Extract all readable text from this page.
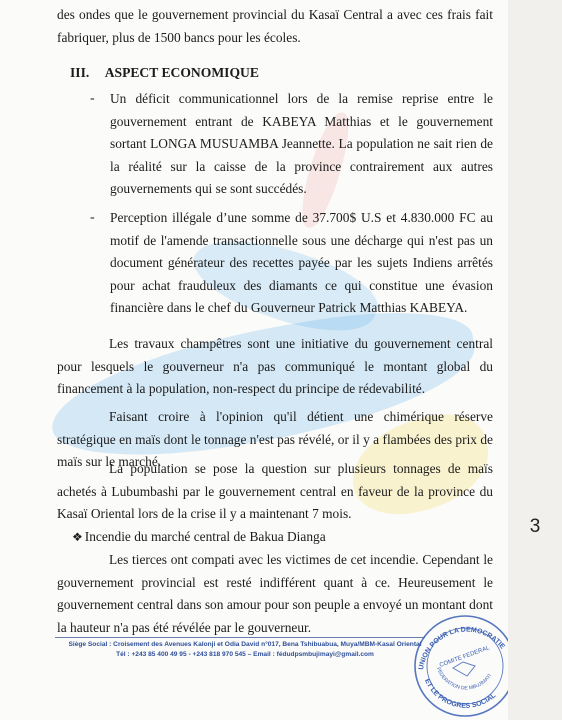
des ondes que le gouvernement provincial du Kasaï Central a avec ces frais fait fabriquer, plus de 1500 bancs pour les écoles.

III. ASPECT ECONOMIQUE
- Un déficit communicationnel lors de la remise reprise entre le gouvernement entrant de KABEYA Matthias et le gouvernement sortant LONGA MUSUAMBA Jeannette. La population ne sait rien de la réalité sur la caisse de la province contrairement aux autres gouvernements qui se sont succédés.

- Perception illégale d’une somme de 37.700$ U.S et 4.830.000 FC au motif de l'amende transactionnelle sous une décharge qui n'est pas un document générateur des recettes payée par les sujets Indiens arrêtés pour achat frauduleux des diamants ce qui constitue une évasion financière dans le chef du Gouverneur Patrick Matthias KABEYA.

Les travaux champêtres sont une initiative du gouvernement central pour lesquels le gouverneur n'a pas communiqué le montant global du financement à la population, non-respect du principe de rédevabilité.

Faisant croire à l'opinion qu'il détient une chimérique réserve stratégique en maïs dont le tonnage n'est pas révélé, or il y a flambées des prix de maïs sur le marché.

La population se pose la question sur plusieurs tonnages de maïs achetés à Lubumbashi par le gouvernement central en faveur de la province du Kasaï Oriental lors de la crise il y a maintenant 7 mois.

❖ Incendie du marché central de Bakua Dianga

Les tierces ont compati avec les victimes de cet incendie. Cependant le gouvernement provincial est resté indifférent quant à ce. Heureusement le gouvernement central dans son amour pour son peuple a envoyé un montant dont la hauteur n'a pas été révélée par le gouverneur.

Siège Social : Croisement des Avenues Kalonji et Odia David n°017, Bena Tshibuabua, Muya/MBM-Kasaï Oriental
Tél : +243 85 400 49 95 - +243 818 970 545 – Email : fédudpsmbujimayi@gmail.com
UNION POUR LA DEMOCRATIE
ET LE PROGRES SOCIAL
FEDERATION DE MBUJIMAYI
COMITE FEDERAL
3
